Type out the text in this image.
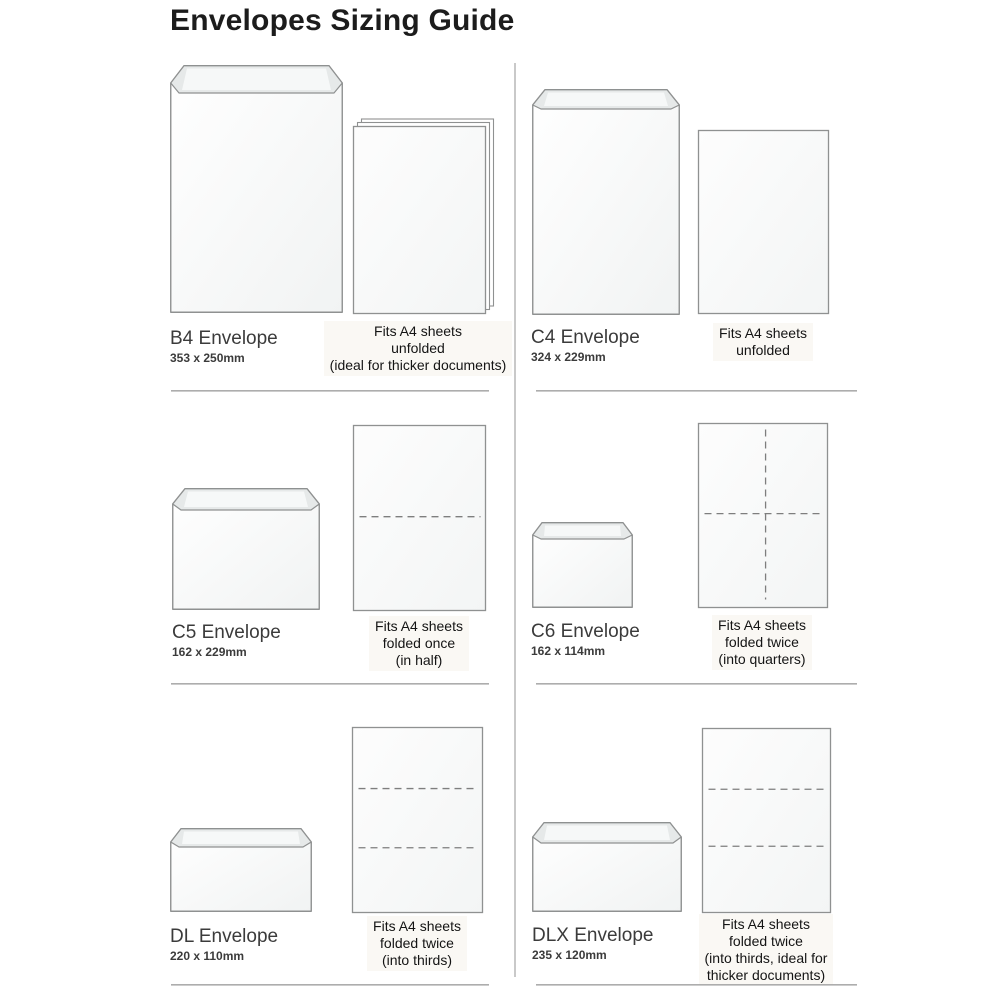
Envelopes Sizing Guide
B4 Envelope
353 x 250mm
Fits A4 sheets
unfolded
(ideal for thicker documents)
C4 Envelope
324 x 229mm
Fits A4 sheets
unfolded
C5 Envelope
162 x 229mm
Fits A4 sheets
folded once
(in half)
C6 Envelope
162 x 114mm
Fits A4 sheets
folded twice
(into quarters)
DL Envelope
220 x 110mm
Fits A4 sheets
folded twice
(into thirds)
DLX Envelope
235 x 120mm
Fits A4 sheets
folded twice
(into thirds, ideal for
thicker documents)
